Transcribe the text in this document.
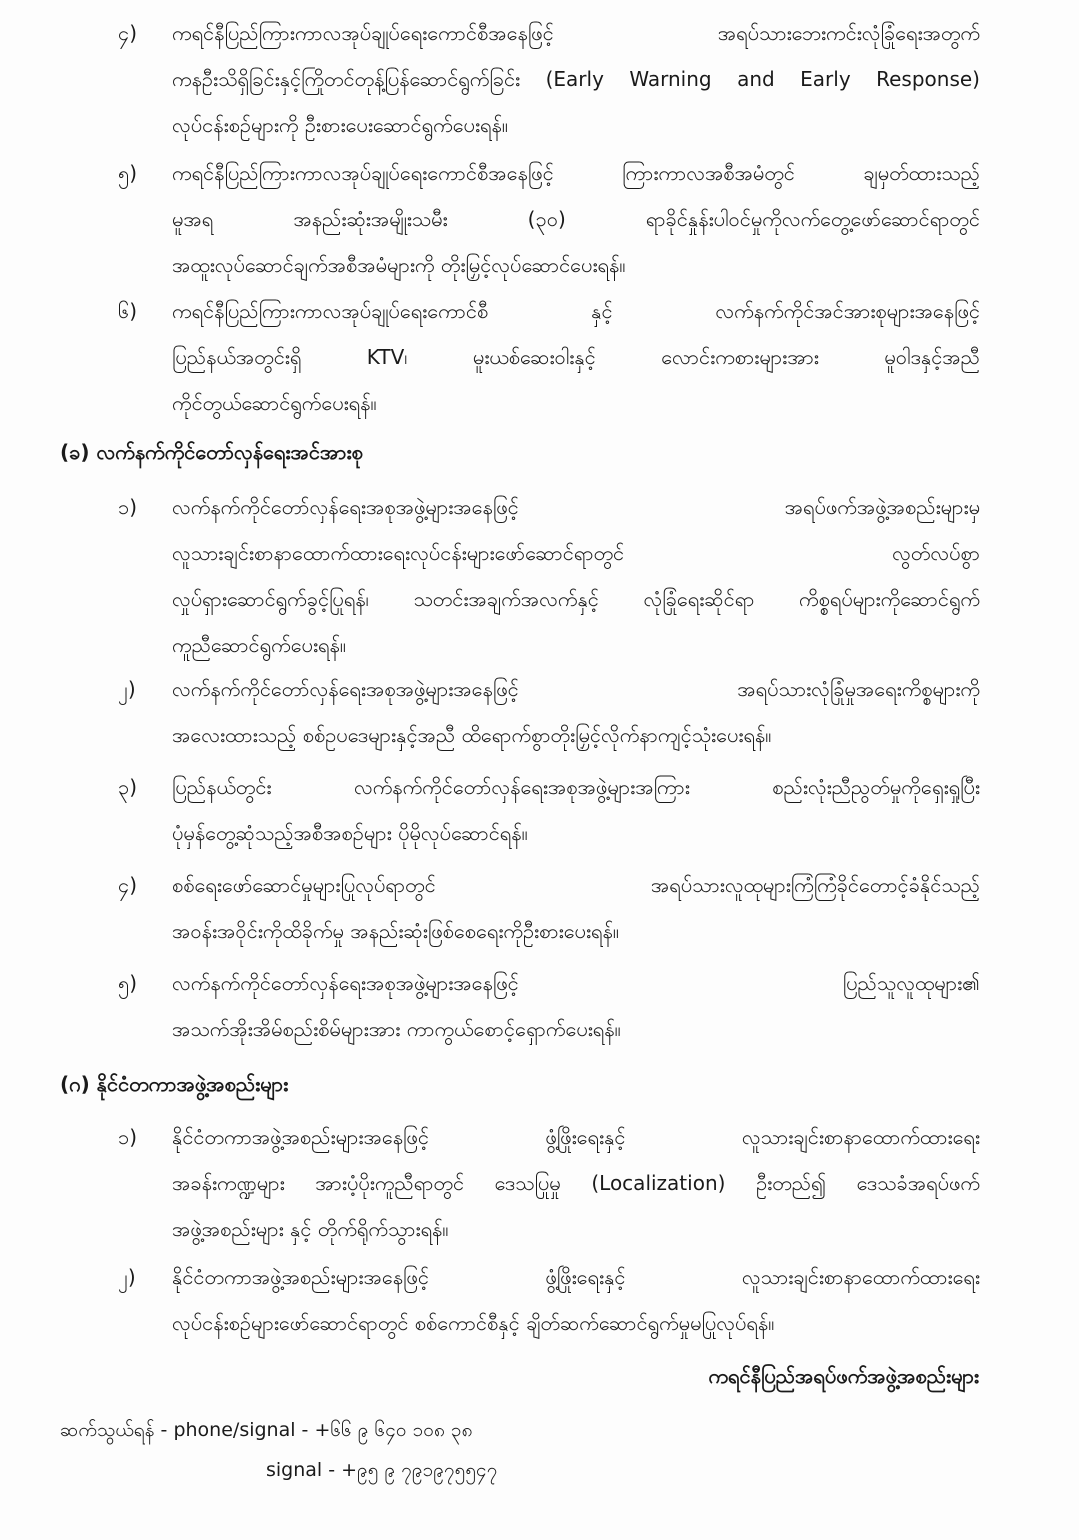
၄)	ကရင်နီပြည်ကြားကာလအုပ်ချုပ်ရေးကောင်စီအနေဖြင့် အရပ်သားဘေးကင်းလုံခြုံရေးအတွက်
ကနဦးသိရှိခြင်းနှင့်ကြိုတင်တုန့်ပြန်ဆောင်ရွက်ခြင်း (Early Warning and Early Response)
လုပ်ငန်းစဉ်များကို ဦးစားပေးဆောင်ရွက်ပေးရန်။
၅)	ကရင်နီပြည်ကြားကာလအုပ်ချုပ်ရေးကောင်စီအနေဖြင့် ကြားကာလအစီအမံတွင် ချမှတ်ထားသည့်
မူအရ အနည်းဆုံးအမျိုးသမီး (၃၀) ရာခိုင်နှုန်းပါဝင်မှုကိုလက်တွေ့ဖော်ဆောင်ရာတွင်
အထူးလုပ်ဆောင်ချက်အစီအမံများကို တိုးမြှင့်လုပ်ဆောင်ပေးရန်။
၆)	ကရင်နီပြည်ကြားကာလအုပ်ချုပ်ရေးကောင်စီ နှင့် လက်နက်ကိုင်အင်အားစုများအနေဖြင့်
ပြည်နယ်အတွင်းရှိ KTV၊ မူးယစ်ဆေးဝါးနှင့် လောင်းကစားများအား မူဝါဒနှင့်အညီ
ကိုင်တွယ်ဆောင်ရွက်ပေးရန်။
(ခ) လက်နက်ကိုင်တော်လှန်ရေးအင်အားစု
၁)	လက်နက်ကိုင်တော်လှန်ရေးအစုအဖွဲ့များအနေဖြင့် အရပ်ဖက်အဖွဲ့အစည်းများမှ
လူသားချင်းစာနာထောက်ထားရေးလုပ်ငန်းများဖော်ဆောင်ရာတွင် လွတ်လပ်စွာ
လှုပ်ရှားဆောင်ရွက်ခွင့်ပြုရန်၊ သတင်းအချက်အလက်နှင့် လုံခြုံရေးဆိုင်ရာ ကိစ္စရပ်များကိုဆောင်ရွက်
ကူညီဆောင်ရွက်ပေးရန်။
၂)	လက်နက်ကိုင်တော်လှန်ရေးအစုအဖွဲ့များအနေဖြင့် အရပ်သားလုံခြုံမှုအရေးကိစ္စများကို
အလေးထားသည့် စစ်ဥပဒေများနှင့်အညီ ထိရောက်စွာတိုးမြှင့်လိုက်နာကျင့်သုံးပေးရန်။
၃)	ပြည်နယ်တွင်း လက်နက်ကိုင်တော်လှန်ရေးအစုအဖွဲ့များအကြား စည်းလုံးညီညွတ်မှုကိုရှေးရှုပြီး
ပုံမှန်တွေ့ဆုံသည့်အစီအစဉ်များ ပိုမိုလုပ်ဆောင်ရန်။
၄)	စစ်ရေးဖော်ဆောင်မှုများပြုလုပ်ရာတွင် အရပ်သားလူထုများကြံကြံခိုင်တောင့်ခံနိုင်သည့်
အဝန်းအဝိုင်းကိုထိခိုက်မှု အနည်းဆုံးဖြစ်စေရေးကိုဦးစားပေးရန်။
၅)	လက်နက်ကိုင်တော်လှန်ရေးအစုအဖွဲ့များအနေဖြင့် ပြည်သူလူထုများ၏
အသက်အိုးအိမ်စည်းစိမ်များအား ကာကွယ်စောင့်ရှောက်ပေးရန်။
(ဂ) နိုင်ငံတကာအဖွဲ့အစည်းများ
၁)	နိုင်ငံတကာအဖွဲ့အစည်းများအနေဖြင့် ဖွံ့ဖြိုးရေးနှင့် လူသားချင်းစာနာထောက်ထားရေး
အခန်းကဏ္ဍများ အားပံ့ပိုးကူညီရာတွင် ဒေသပြုမှု (Localization) ဦးတည်၍ ဒေသခံအရပ်ဖက်
အဖွဲ့အစည်းများ နှင့် တိုက်ရိုက်သွားရန်။
၂)	နိုင်ငံတကာအဖွဲ့အစည်းများအနေဖြင့် ဖွံ့ဖြိုးရေးနှင့် လူသားချင်းစာနာထောက်ထားရေး
လုပ်ငန်းစဉ်များဖော်ဆောင်ရာတွင် စစ်ကောင်စီနှင့် ချိတ်ဆက်ဆောင်ရွက်မှုမပြုလုပ်ရန်။
ကရင်နီပြည်အရပ်ဖက်အဖွဲ့အစည်းများ
ဆက်သွယ်ရန် - phone/signal - +၆၆ ၉ ၆၄၀ ၁၀၈ ၃၈
signal - +၉၅ ၉ ၇၉၁၉၇၅၅၄၇
